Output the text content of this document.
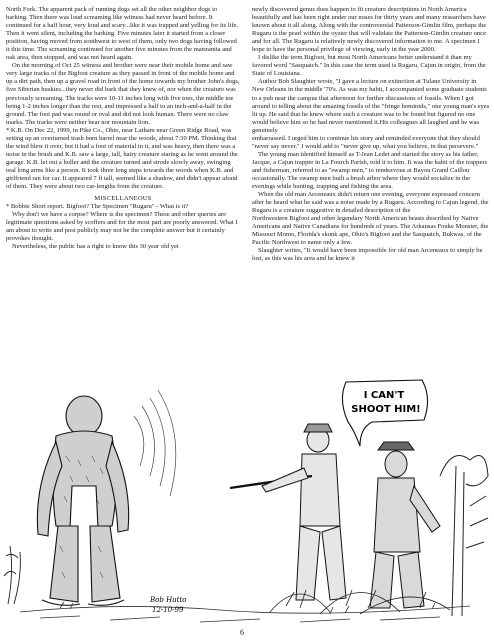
North Fork. The apparent pack of running dogs set all the other neighbor dogs to barking. Then there was loud screaming like witness had never heard before. It continued for a half hour, very loud and scary...like it was trapped and yelling for its life. Then it went silent, including the barking. Five minutes later it started from a closer position, having moved from southwest to west of them, only two dogs having followed it this time. The screaming continued for another five minutes from the manzanita and oak area, then stopped, and was not heard again.

On the morning of Oct 25 witness and brother were near their mobile home and saw very large tracks of the Bigfoot creature as they passed in front of the mobile home and up a dirt path, then up a gravel road in front of the home towards my brother John's dogs, five Siberian huskies...they never did bark that they knew of, nor when the creature was previously screaming. The tracks were 10-11 inches long with five toes, the middle toe being 1-2 inches longer than the rest, and impressed a half to an inch-and-a-half in the ground. The foot pad was round or oval and did not look human. There were no claw marks. The tracks were neither bear nor mountain lion.

* K.B. On Dec 22, 1999, in Pike Co., Ohio, near Latham near Green Ridge Road, was setting up an overturned trash burn barrel near the woods, about 7:30 PM. Thinking that the wind blew it over, but it had a foot of material in it, and was heavy, then there was a noise in the brush and K.B. saw a large, tall, hairy creature staring as he went around the garage. K.B. let out a holler and the creature turned and strode slowly away, swinging real long arms like a person. It took three long steps towards the woods when K.B. and girlfriend ran for car. It appeared 7 ft tall, seemed like a shadow, and didn't appear afraid of them. They were about two car-lengths from the creature.

MISCELLANEOUS

* Bobbie Short report. Bigfoot? The Specimen "Rugaru" - What is it?

Why don't we have a corpse? Where is the specimen? These and other queries are legitimate questions asked by scoffers and for the most part are poorly answered. What I am about to write and post publicly may not be the complete answer but it certainly provokes thought.

Nevertheless, the public has a right to know this 30 year old yet

newly discovered genus does happen to fit creature descriptions in North America beautifully and has been right under our noses for thirty years and many researchers have known about it all along. Along with the controversial Patterson-Gimlin film, perhaps the Rugaru is the pearl within the oyster that will validate the Patterson-Gimlin creature once and for all. The Rugaru is relatively newly discovered information to me. A specimen I hope to have the personal privilege of viewing, early in the year 2000.

I dislike the term Bigfoot, but most North Americans better understand it than my favored word "Sasquatch." In this case the term used is Rugaru, Cajun in origin, from the State of Louisiana.

Author Bob Slaughter wrote, "I gave a lecture on extinction at Tulane University in New Orleans in the middle '70's. As was my habit, I accompanied some graduate students to a pub near the campus that afternoon for further discussions of fossils. When I got around to telling about the amazing fossils of the "fringe hominids," one young man's eyes lit up. He said that he knew where such a creature was to be found but figured no one would believe him so he had never mentioned it.His colleagues all laughed and he was genuinely

embarrassed. I urged him to continue his story and reminded everyone that they should "never say never." I would add to "never give up, what you believe, in that persevere."

The young man identified himself as T-Jean Ledet and started the story as his father, Jacque, a Cajun trapper in La Fourch Parish, told it to him. It was the habit of the trappers and fisherman, referred to as "swamp men," to rendezvous at Bayou Grand Caillou occasionally. The swamp men built a brush arbor where they would socialize in the evenings while hunting, trapping and fishing the area.

When the old man Arceneaux didn't return one evening, everyone expressed concern after he heard what he said was a noise made by a Rugaru. According to Cajun legend, the Rugaru is a creature suggestive in detailed description of the

Northwestern Bigfoot and other legendary North American beasts described by Native Americans and Native Canadians for hundreds of years. The Arkansas Fouke Monster, the Missouri Momo, Florida's skunk ape, Ohio's Bigfoot and the Sasquatch, Bukwas, of the Pacific Northwest to name only a few.

Slaughter writes, "It would have been impossible for old man Arceneaux to simply be lost, as this was his area and he knew it

I CAN'T
SHOOT HIM!
Bob Hutto
12-10-99
6
